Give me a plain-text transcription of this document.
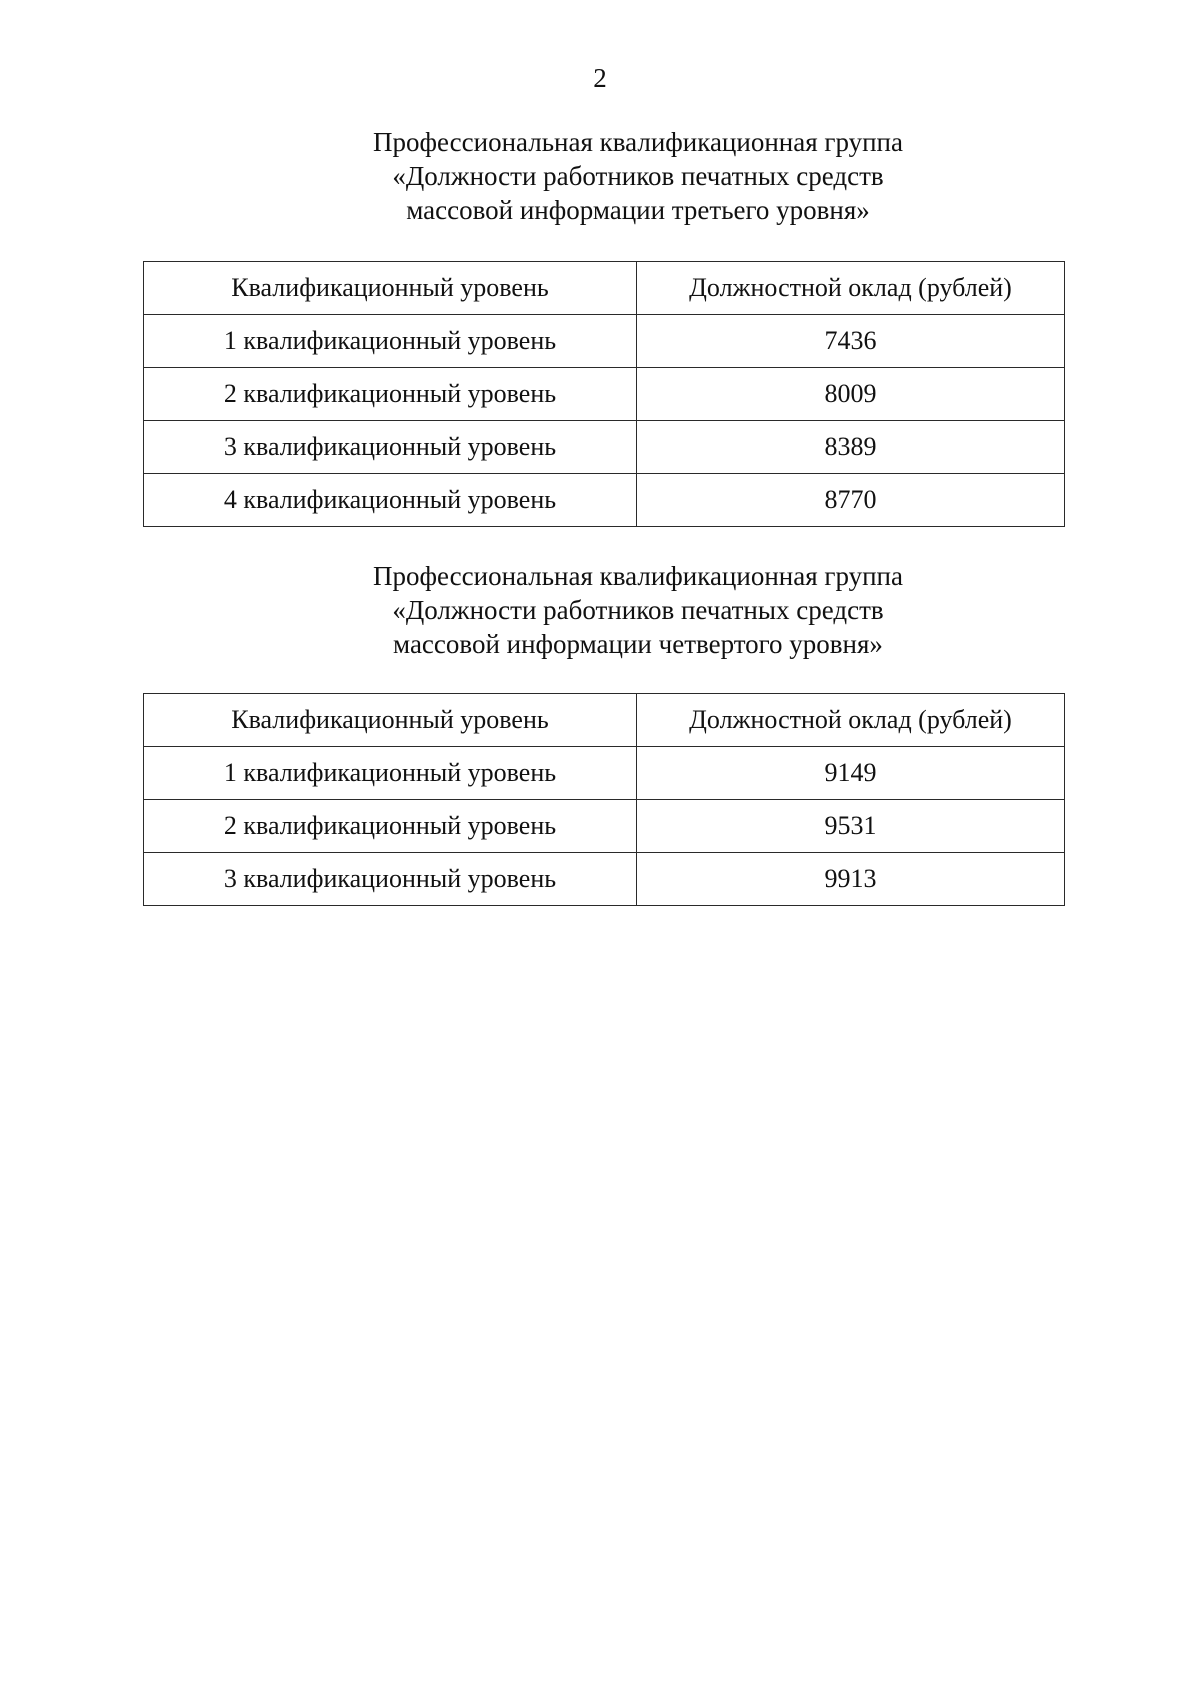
2
Профессиональная квалификационная группа
«Должности работников печатных средств
массовой информации третьего уровня»
Квалификационный уровень	Должностной оклад (рублей)
1 квалификационный уровень	7436
2 квалификационный уровень	8009
3 квалификационный уровень	8389
4 квалификационный уровень	8770
Профессиональная квалификационная группа
«Должности работников печатных средств
массовой информации четвертого уровня»
Квалификационный уровень	Должностной оклад (рублей)
1 квалификационный уровень	9149
2 квалификационный уровень	9531
3 квалификационный уровень	9913
